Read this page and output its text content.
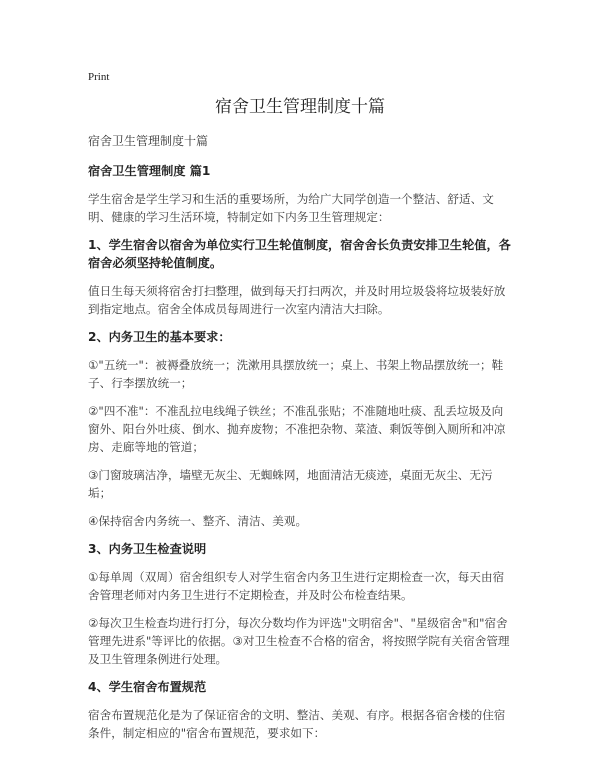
Print
宿舍卫生管理制度十篇
宿舍卫生管理制度十篇
宿舍卫生管理制度 篇1

学生宿舍是学生学习和生活的重要场所，为给广大同学创造一个整洁、舒适、文明、健康的学习生活环境，特制定如下内务卫生管理规定：

1、学生宿舍以宿舍为单位实行卫生轮值制度，宿舍舍长负责安排卫生轮值，各宿舍必须坚持轮值制度。

值日生每天须将宿舍打扫整理，做到每天打扫两次，并及时用垃圾袋将垃圾装好放到指定地点。宿舍全体成员每周进行一次室内清洁大扫除。

2、内务卫生的基本要求：

①"五统一"：被褥叠放统一；洗漱用具摆放统一；桌上、书架上物品摆放统一；鞋子、行李摆放统一；

②"四不准"：不准乱拉电线绳子铁丝；不准乱张贴；不准随地吐痰、乱丢垃圾及向窗外、阳台外吐痰、倒水、抛弃废物；不准把杂物、菜渣、剩饭等倒入厕所和冲凉房、走廊等地的管道；

③门窗玻璃洁净，墙壁无灰尘、无蜘蛛网，地面清洁无痰迹，桌面无灰尘、无污垢；

④保持宿舍内务统一、整齐、清洁、美观。

3、内务卫生检查说明

①每单周（双周）宿舍组织专人对学生宿舍内务卫生进行定期检查一次，每天由宿舍管理老师对内务卫生进行不定期检查，并及时公布检查结果。

②每次卫生检查均进行打分，每次分数均作为评选"文明宿舍"、"星级宿舍"和"宿舍管理先进系"等评比的依据。③对卫生检查不合格的宿舍，将按照学院有关宿舍管理及卫生管理条例进行处理。

4、学生宿舍布置规范

宿舍布置规范化是为了保证宿舍的文明、整洁、美观、有序。根据各宿舍楼的住宿条件，制定相应的"宿舍布置规范，要求如下：
